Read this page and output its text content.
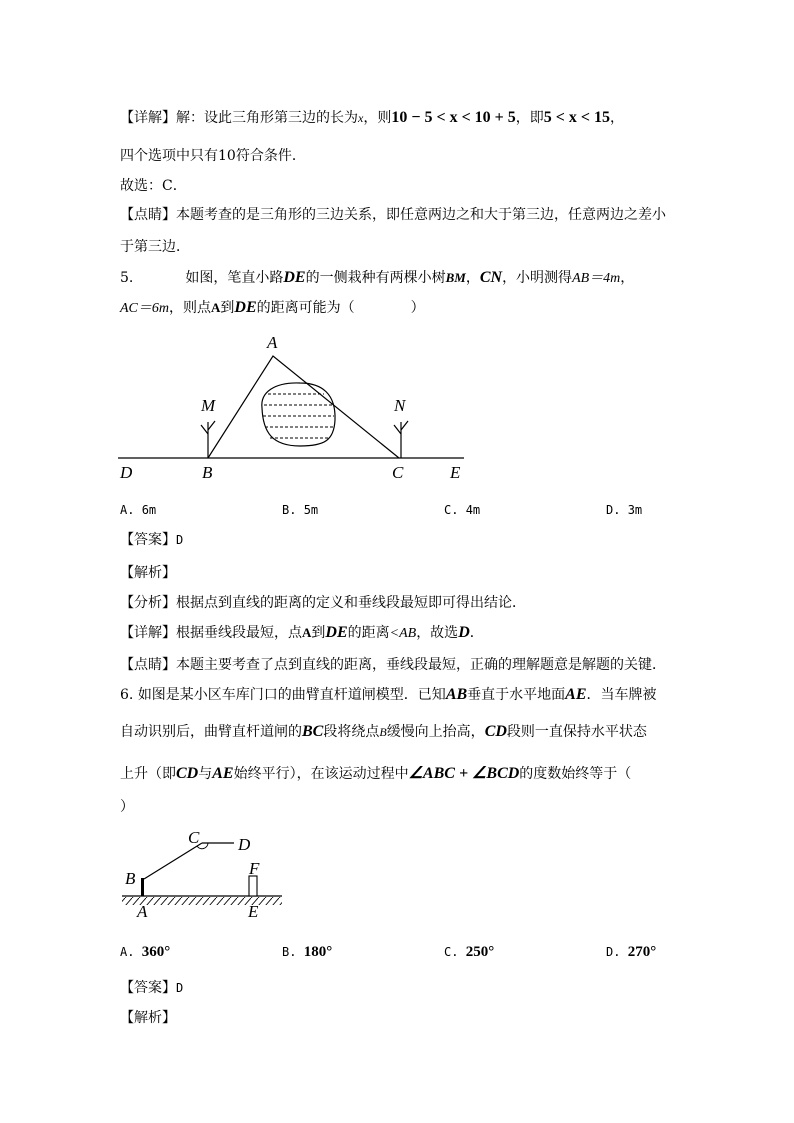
【详解】解：设此三角形第三边的长为x，则10 − 5 < x < 10 + 5，即5 < x < 15，
四个选项中只有10符合条件．
故选：C．
【点睛】本题考查的是三角形的三边关系，即任意两边之和大于第三边，任意两边之差小
于第三边．
5.	如图，笔直小路DE的一侧栽种有两棵小树BM，CN，小明测得AB＝4m，
AC＝6m，则点A到DE的距离可能为（　　　　）
A
M	N
D	B	C	E
A. 6m	B. 5m	C. 4m	D. 3m
【答案】D
【解析】
【分析】根据点到直线的距离的定义和垂线段最短即可得出结论．
【详解】根据垂线段最短，点A到DE的距离<AB，故选D．
【点睛】本题主要考查了点到直线的距离，垂线段最短，正确的理解题意是解题的关键．
6. 如图是某小区车库门口的曲臂直杆道闸模型．已知AB垂直于水平地面AE．当车牌被
自动识别后，曲臂直杆道闸的BC段将绕点B缓慢向上抬高，CD段则一直保持水平状态
上升（即CD与AE始终平行），在该运动过程中∠ABC + ∠BCD的度数始终等于（
）
B
A
C D
F
E
A. 360°	B. 180°	C. 250°	D. 270°
【答案】D
【解析】
